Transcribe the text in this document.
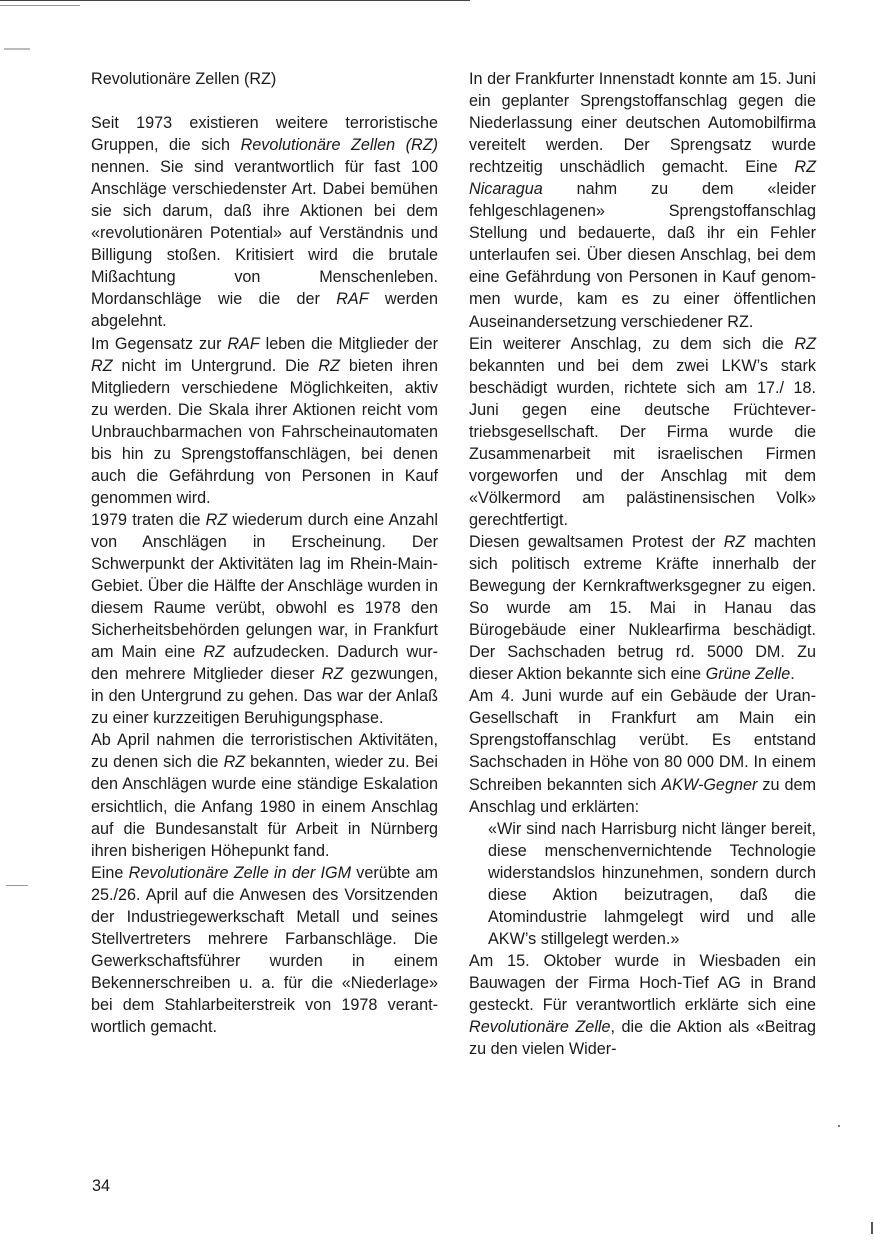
Revolutionäre Zellen (RZ)

Seit 1973 existieren weitere terroristische Gruppen, die sich Revolutionäre Zellen (RZ) nennen. Sie sind verantwortlich für fast 100 Anschläge verschiedenster Art. Dabei bemühen sie sich darum, daß ihre Aktionen bei dem «revolutionären Potential» auf Verständnis und Billigung stoßen. Kritisiert wird die brutale Mißachtung von Menschenleben. Mordanschläge wie die der RAF werden abgelehnt.

Im Gegensatz zur RAF leben die Mitglieder der RZ nicht im Untergrund. Die RZ bieten ihren Mitgliedern verschiedene Möglichkeiten, aktiv zu werden. Die Skala ihrer Aktionen reicht vom Unbrauchbarmachen von Fahrscheinautomaten bis hin zu Sprengstoffanschlägen, bei denen auch die Gefährdung von Personen in Kauf genommen wird.

1979 traten die RZ wiederum durch eine Anzahl von Anschlägen in Erscheinung. Der Schwerpunkt der Aktivitäten lag im Rhein-Main-Gebiet. Über die Hälfte der Anschläge wurden in diesem Raume verübt, obwohl es 1978 den Sicherheitsbehörden gelungen war, in Frankfurt am Main eine RZ aufzudecken. Dadurch wurden mehrere Mitglieder dieser RZ gezwungen, in den Untergrund zu gehen. Das war der Anlaß zu einer kurzzeitigen Beruhigungsphase.

Ab April nahmen die terroristischen Aktivitäten, zu denen sich die RZ bekannten, wieder zu. Bei den Anschlägen wurde eine ständige Eskalation ersichtlich, die Anfang 1980 in einem Anschlag auf die Bundesanstalt für Arbeit in Nürnberg ihren bisherigen Höhepunkt fand.

Eine Revolutionäre Zelle in der IGM verübte am 25./26. April auf die Anwesen des Vorsitzenden der Industriegewerkschaft Metall und seines Stellvertreters mehrere Farbanschläge. Die Gewerkschaftsführer wurden in einem Bekennerschreiben u. a. für die «Niederlage» bei dem Stahlarbeiterstreik von 1978 verantwortlich gemacht.

In der Frankfurter Innenstadt konnte am 15. Juni ein geplanter Sprengstoffanschlag gegen die Niederlassung einer deutschen Automobilfirma vereitelt werden. Der Sprengsatz wurde rechtzeitig unschädlich gemacht. Eine RZ Nicaragua nahm zu dem «leider fehlgeschlagenen» Sprengstoffanschlag Stellung und bedauerte, daß ihr ein Fehler unterlaufen sei. Über diesen Anschlag, bei dem eine Gefährdung von Personen in Kauf genommen wurde, kam es zu einer öffentlichen Auseinandersetzung verschiedener RZ.

Ein weiterer Anschlag, zu dem sich die RZ bekannten und bei dem zwei LKW’s stark beschädigt wurden, richtete sich am 17./ 18. Juni gegen eine deutsche Früchtevertriebsgesellschaft. Der Firma wurde die Zusammenarbeit mit israelischen Firmen vorgeworfen und der Anschlag mit dem «Völkermord am palästinensischen Volk» gerechtfertigt.

Diesen gewaltsamen Protest der RZ machten sich politisch extreme Kräfte innerhalb der Bewegung der Kernkraftwerksgegner zu eigen. So wurde am 15. Mai in Hanau das Bürogebäude einer Nuklearfirma beschädigt. Der Sachschaden betrug rd. 5000 DM. Zu dieser Aktion bekannte sich eine Grüne Zelle.

Am 4. Juni wurde auf ein Gebäude der Uran-Gesellschaft in Frankfurt am Main ein Sprengstoffanschlag verübt. Es entstand Sachschaden in Höhe von 80 000 DM. In einem Schreiben bekannten sich AKW-Gegner zu dem Anschlag und erklärten:

«Wir sind nach Harrisburg nicht länger bereit, diese menschenvernichtende Technologie widerstandslos hinzunehmen, sondern durch diese Aktion beizutragen, daß die Atomindustrie lahmgelegt wird und alle AKW’s stillgelegt werden.»

Am 15. Oktober wurde in Wiesbaden ein Bauwagen der Firma Hoch-Tief AG in Brand gesteckt. Für verantwortlich erklärte sich eine Revolutionäre Zelle, die die Aktion als «Beitrag zu den vielen Wider-

34
